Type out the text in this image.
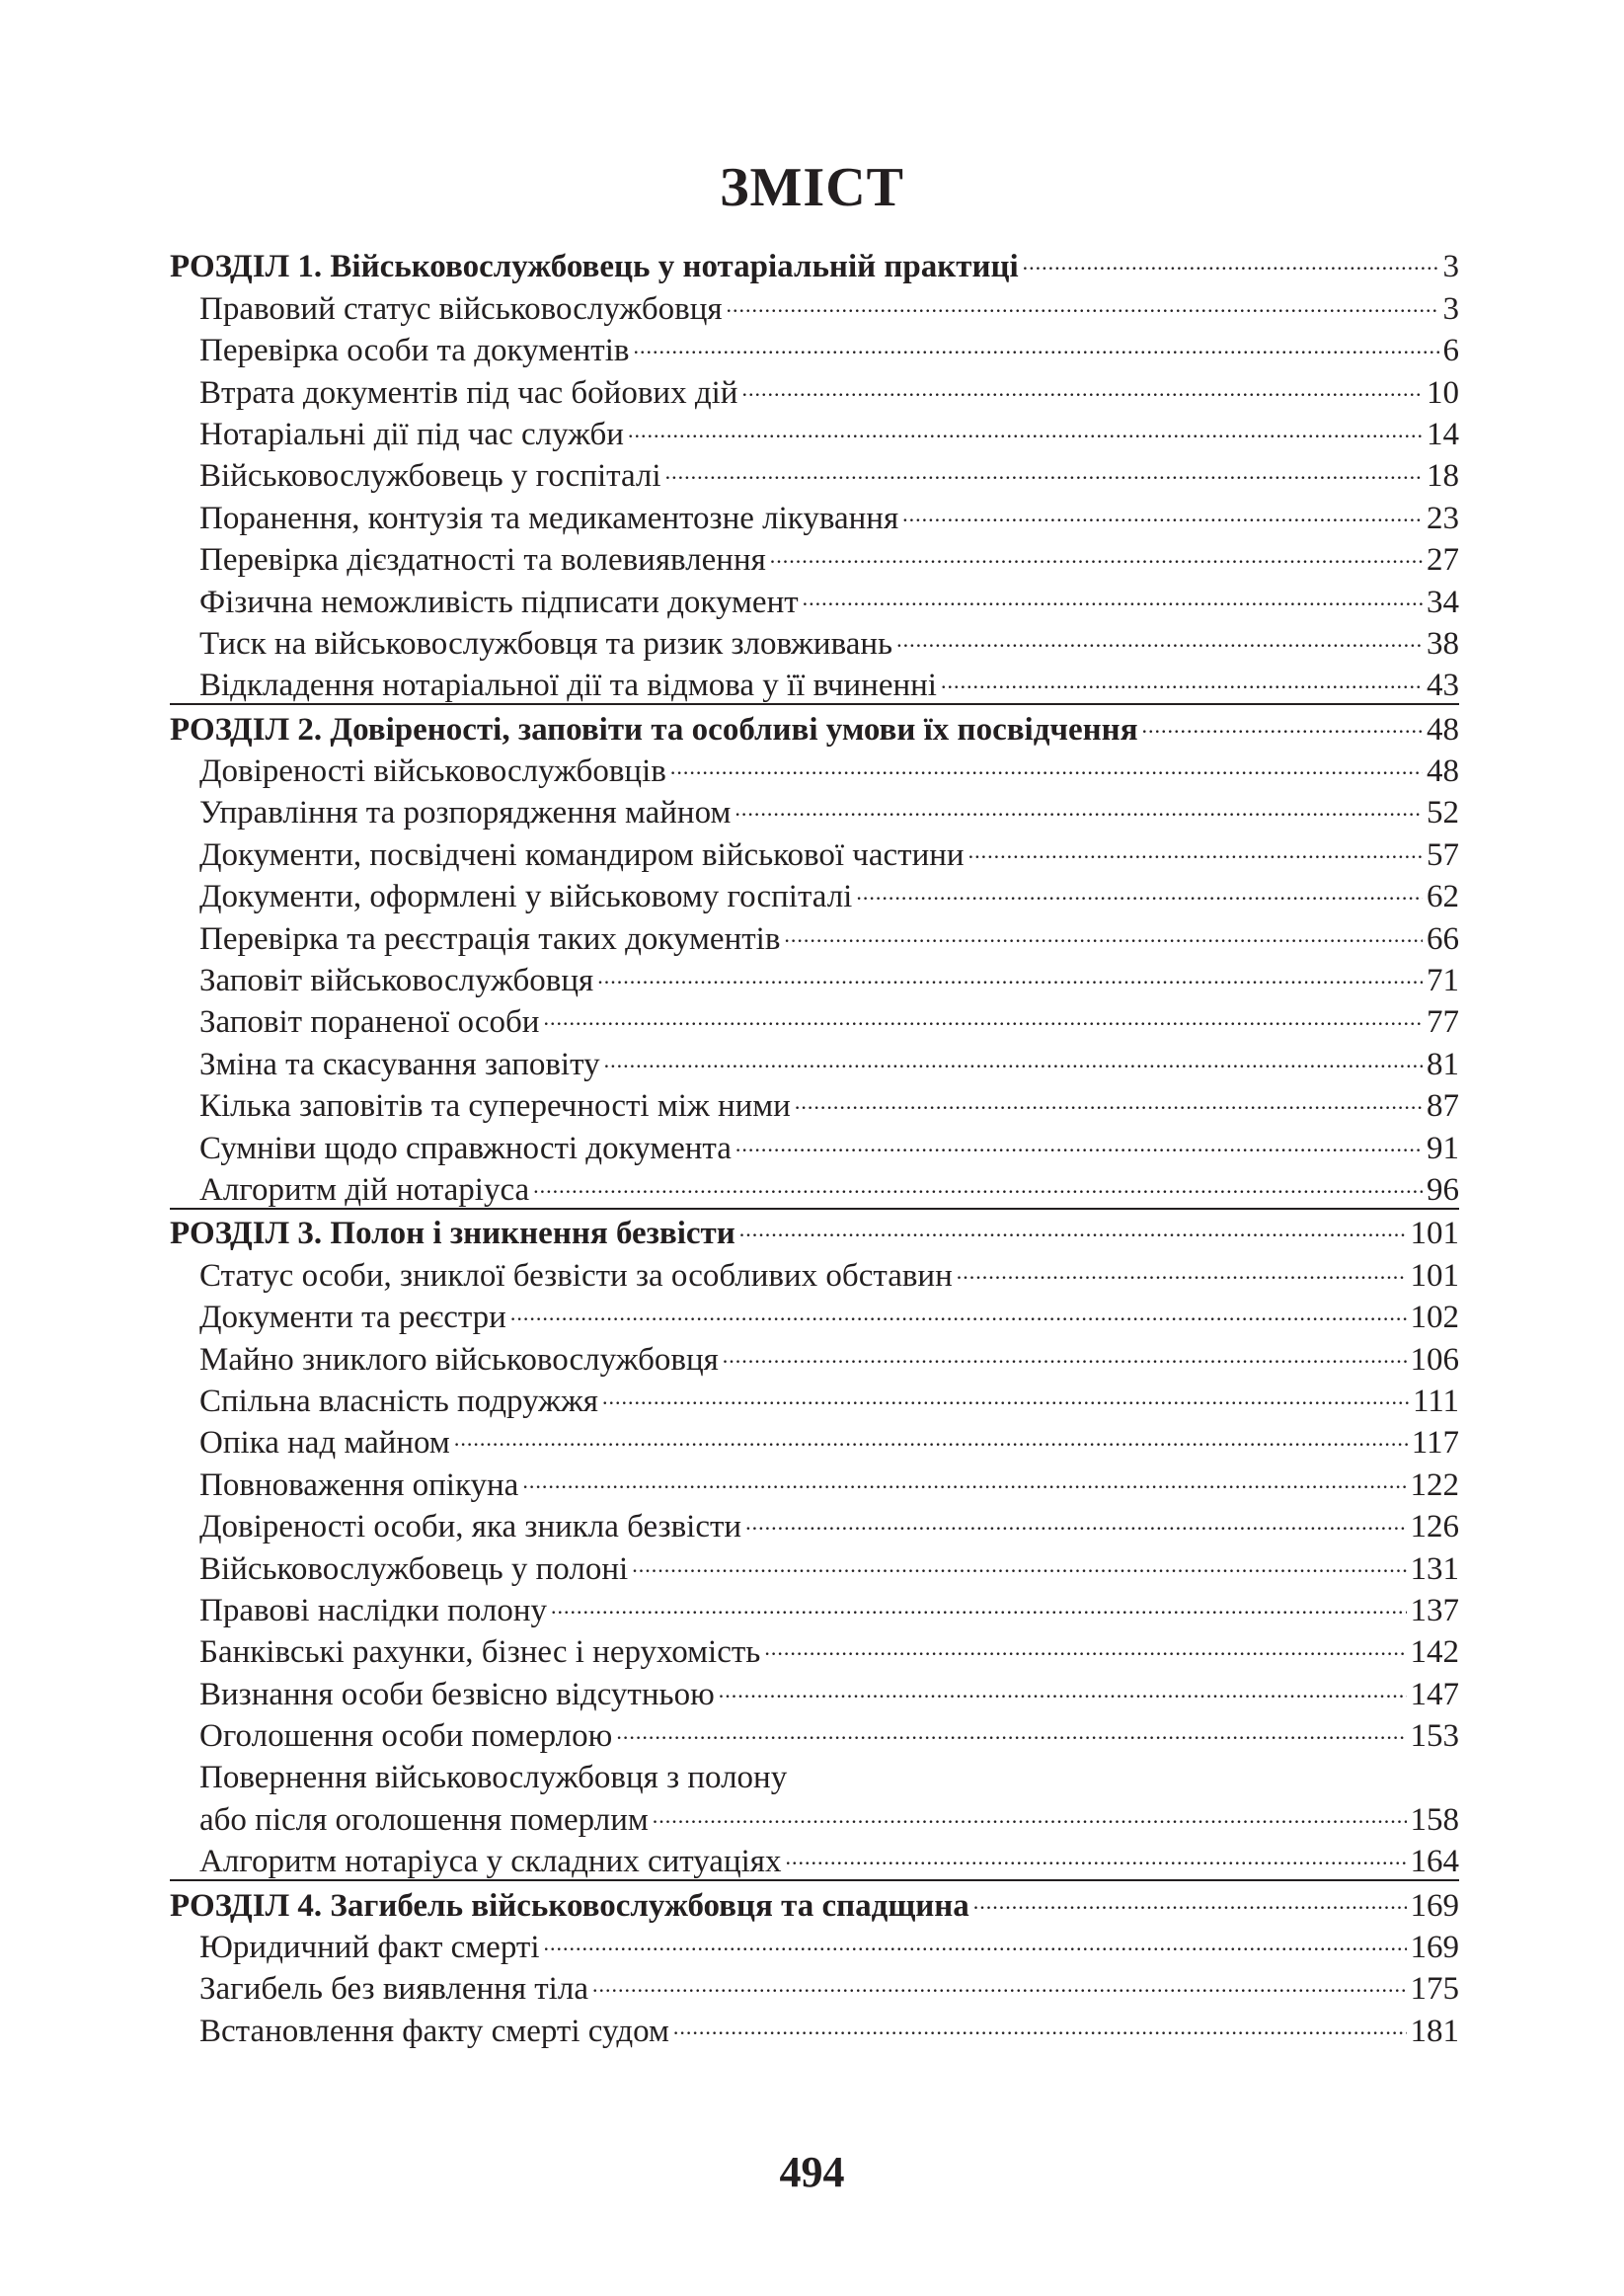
ЗМІСТ
РОЗДІЛ 1. Військовослужбовець у нотаріальній практиці .....	3
Правовий статус військовослужбовця .....	3
Перевірка особи та документів .....	6
Втрата документів під час бойових дій .....	10
Нотаріальні дії під час служби .....	14
Військовослужбовець у госпіталі .....	18
Поранення, контузія та медикаментозне лікування .....	23
Перевірка дієздатності та волевиявлення .....	27
Фізична неможливість підписати документ .....	34
Тиск на військовослужбовця та ризик зловживань .....	38
Відкладення нотаріальної дії та відмова у її вчиненні .....	43
РОЗДІЛ 2. Довіреності, заповіти та особливі умови їх посвідчення .....	48
Довіреності військовослужбовців .....	48
Управління та розпорядження майном .....	52
Документи, посвідчені командиром військової частини .....	57
Документи, оформлені у військовому госпіталі .....	62
Перевірка та реєстрація таких документів .....	66
Заповіт військовослужбовця .....	71
Заповіт пораненої особи .....	77
Зміна та скасування заповіту .....	81
Кілька заповітів та суперечності між ними .....	87
Сумніви щодо справжності документа .....	91
Алгоритм дій нотаріуса .....	96
РОЗДІЛ 3. Полон і зникнення безвісти .....	101
Статус особи, зниклої безвісти за особливих обставин .....	101
Документи та реєстри .....	102
Майно зниклого військовослужбовця .....	106
Спільна власність подружжя .....	111
Опіка над майном .....	117
Повноваження опікуна .....	122
Довіреності особи, яка зникла безвісти .....	126
Військовослужбовець у полоні .....	131
Правові наслідки полону .....	137
Банківські рахунки, бізнес і нерухомість .....	142
Визнання особи безвісно відсутньою .....	147
Оголошення особи померлою .....	153
Повернення військовослужбовця з полону
або після оголошення померлим .....	158
Алгоритм нотаріуса у складних ситуаціях .....	164
РОЗДІЛ 4. Загибель військовослужбовця та спадщина .....	169
Юридичний факт смерті .....	169
Загибель без виявлення тіла .....	175
Встановлення факту смерті судом .....	181
494
